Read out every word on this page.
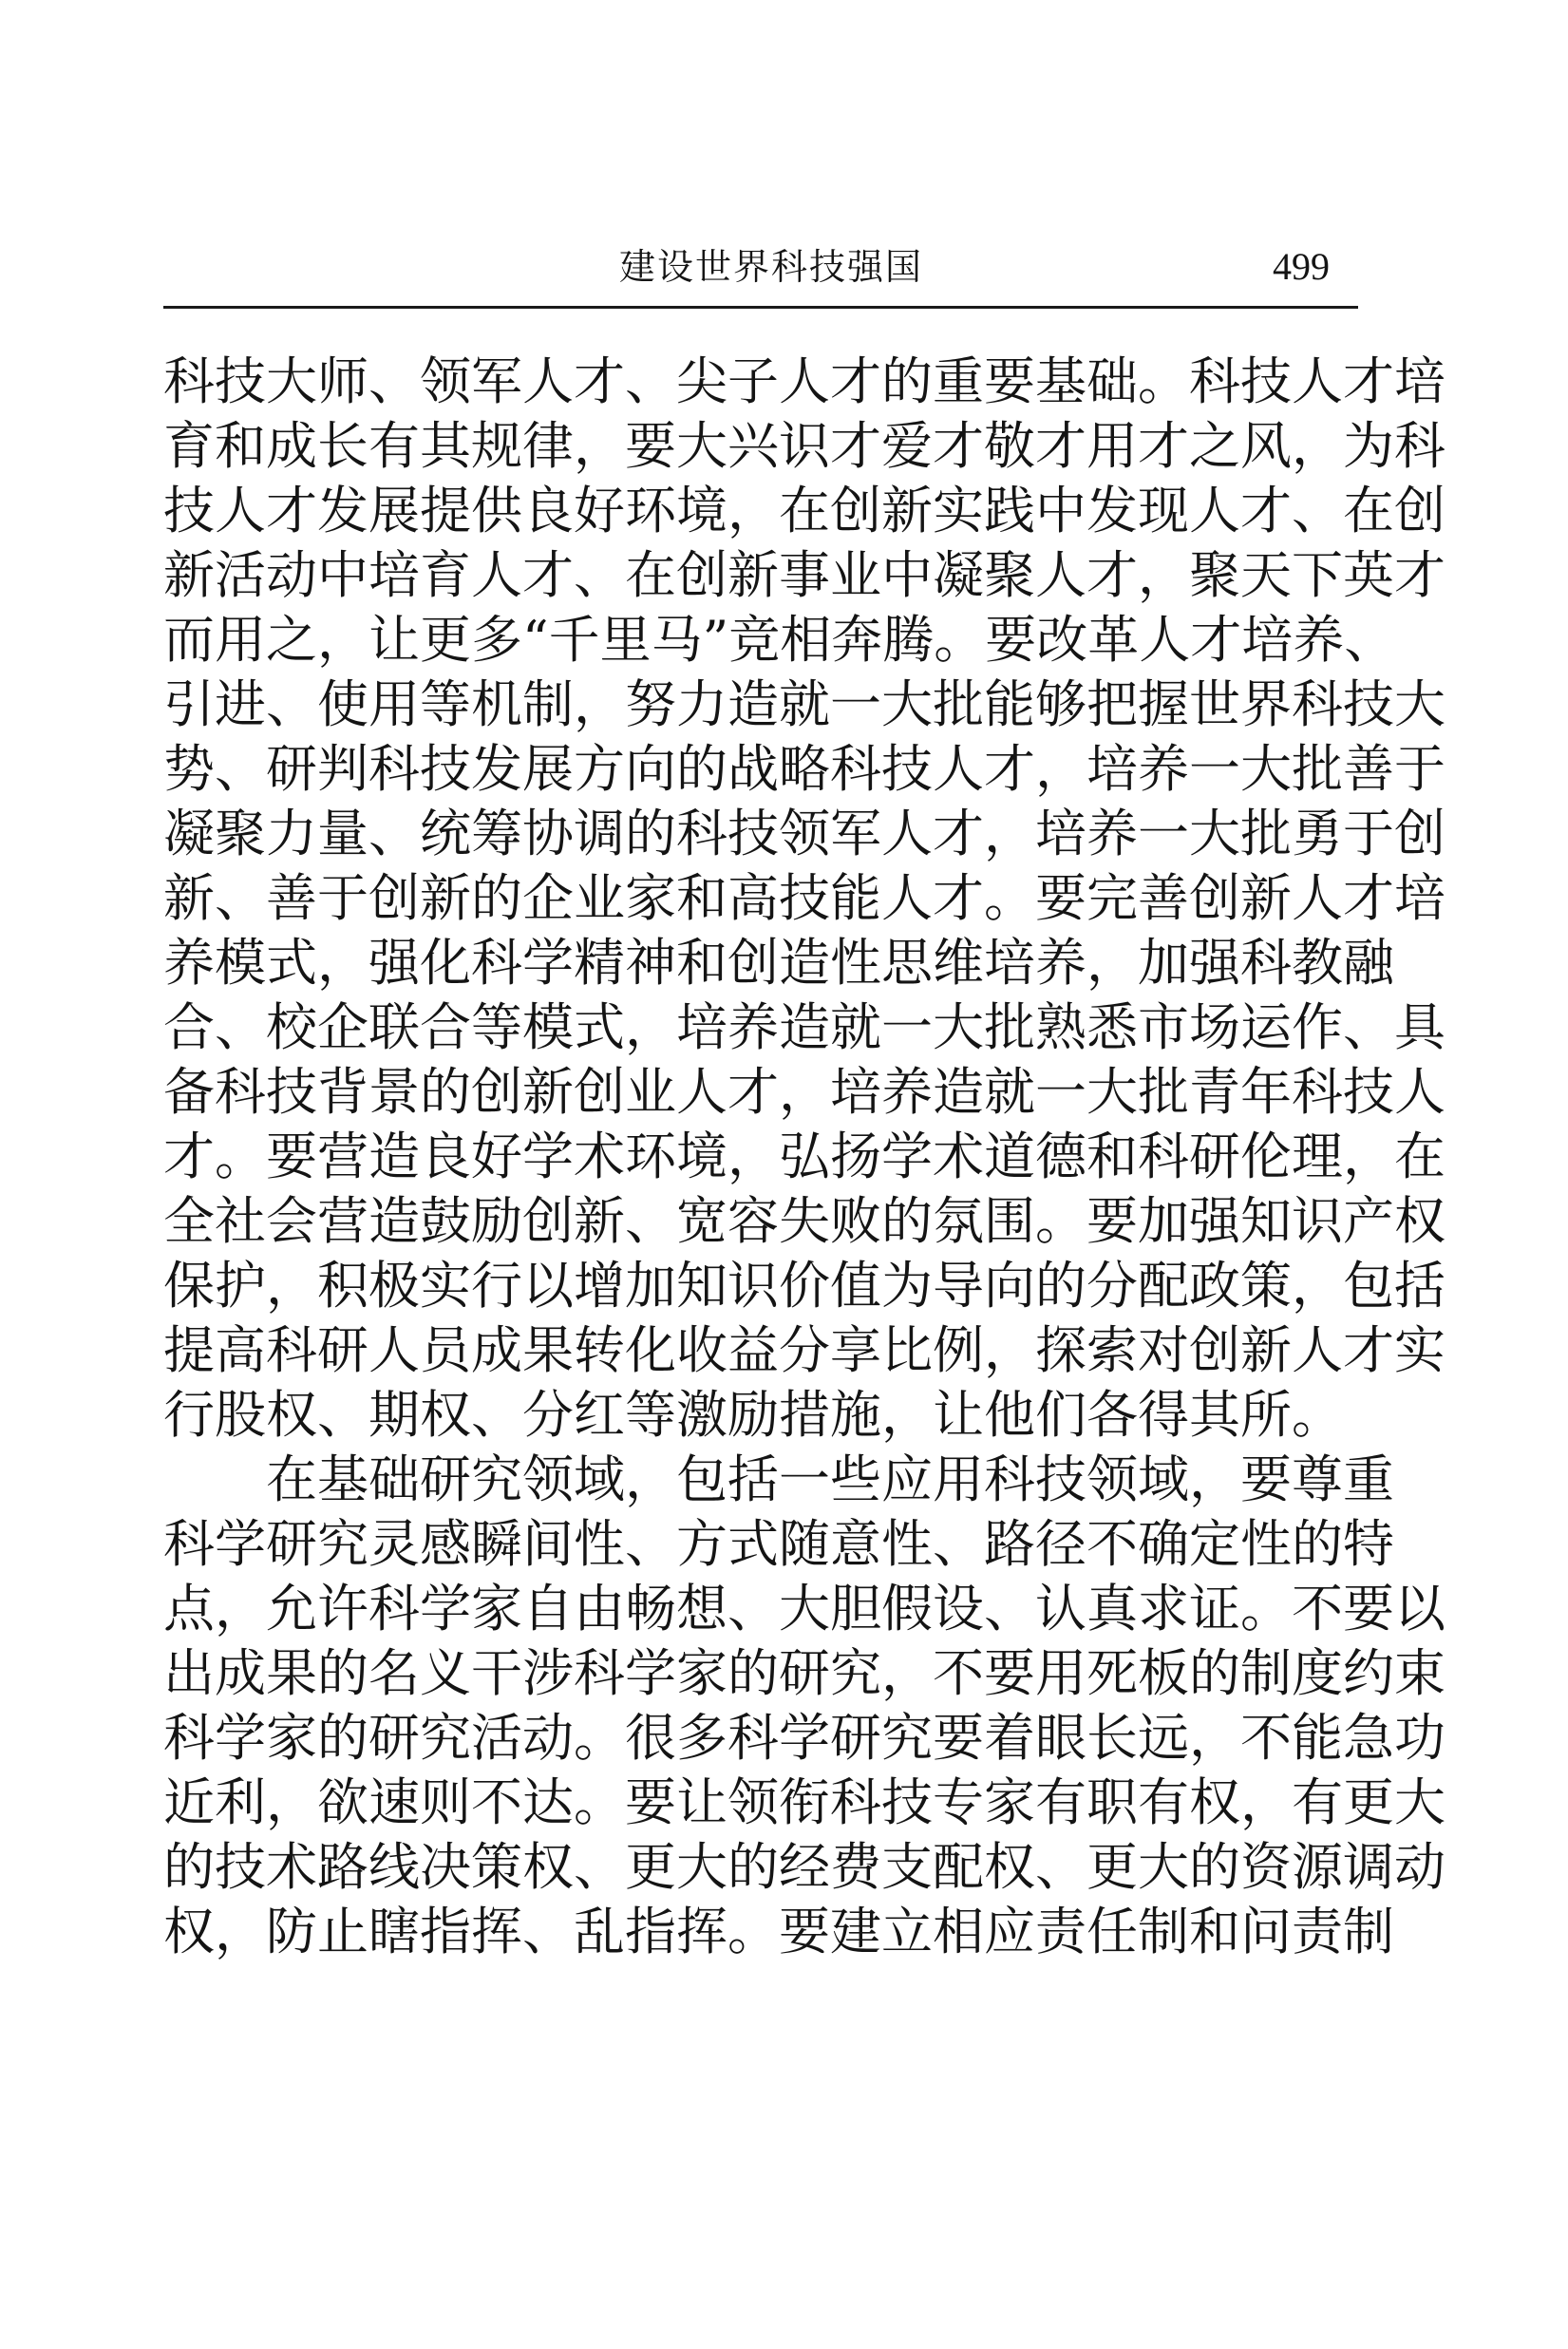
建设世界科技强国	499
科技大师、领军人才、尖子人才的重要基础。科技人才培
育和成长有其规律，要大兴识才爱才敬才用才之风，为科
技人才发展提供良好环境，在创新实践中发现人才、在创
新活动中培育人才、在创新事业中凝聚人才，聚天下英才
而用之，让更多“千里马”竞相奔腾。要改革人才培养、
引进、使用等机制，努力造就一大批能够把握世界科技大
势、研判科技发展方向的战略科技人才，培养一大批善于
凝聚力量、统筹协调的科技领军人才，培养一大批勇于创
新、善于创新的企业家和高技能人才。要完善创新人才培
养模式，强化科学精神和创造性思维培养，加强科教融
合、校企联合等模式，培养造就一大批熟悉市场运作、具
备科技背景的创新创业人才，培养造就一大批青年科技人
才。要营造良好学术环境，弘扬学术道德和科研伦理，在
全社会营造鼓励创新、宽容失败的氛围。要加强知识产权
保护，积极实行以增加知识价值为导向的分配政策，包括
提高科研人员成果转化收益分享比例，探索对创新人才实
行股权、期权、分红等激励措施，让他们各得其所。
在基础研究领域，包括一些应用科技领域，要尊重
科学研究灵感瞬间性、方式随意性、路径不确定性的特
点，允许科学家自由畅想、大胆假设、认真求证。不要以
出成果的名义干涉科学家的研究，不要用死板的制度约束
科学家的研究活动。很多科学研究要着眼长远，不能急功
近利，欲速则不达。要让领衔科技专家有职有权，有更大
的技术路线决策权、更大的经费支配权、更大的资源调动
权，防止瞎指挥、乱指挥。要建立相应责任制和问责制
